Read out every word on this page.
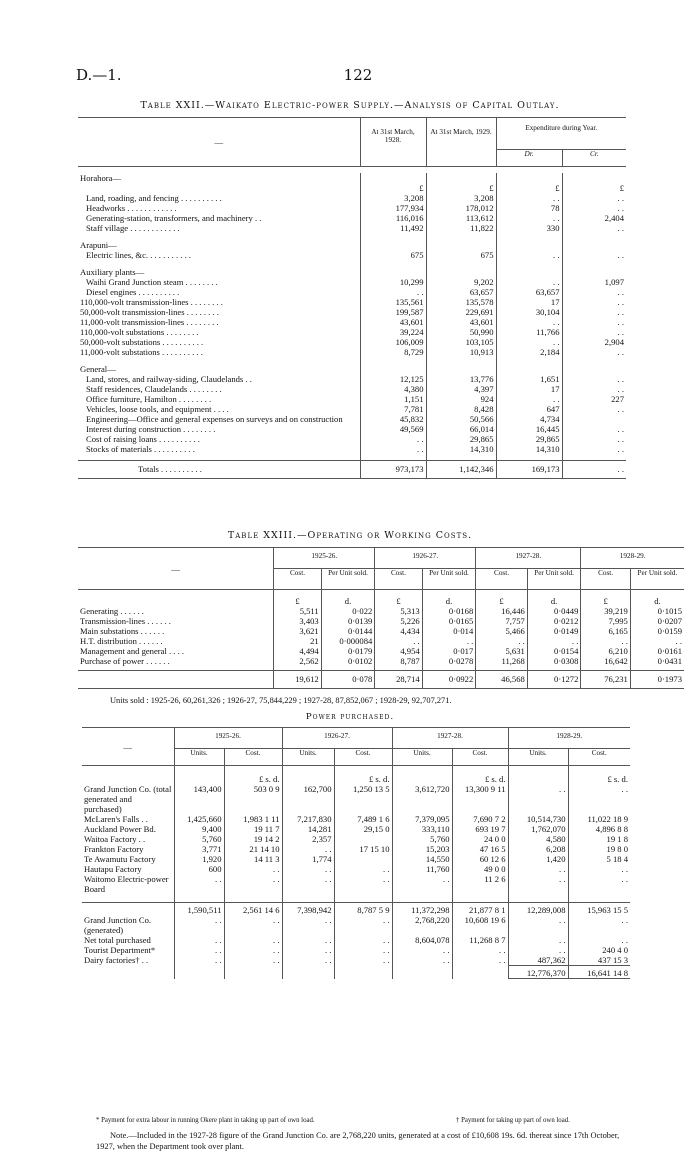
D.—1.	122
Table XXII.—Waikato Electric-power Supply.—Analysis of Capital Outlay.
—	At 31st March, 1928.	At 31st March, 1929.	Expenditure during Year.	
			Dr.	Cr.

Horahora—				
	£	£	£	£
Land, roading, and fencing . . . . . . . . . .	3,208	3,208	. .	. .
Headworks . . . . . . . . . . . .	177,934	178,012	78	. .
Generating-station, transformers, and machinery . .	116,016	113,612	. .	2,404
Staff village . . . . . . . . . . . .	11,492	11,822	330	. .

Arapuni—				
Electric lines, &c. . . . . . . . . . .	675	675	. .	. .

Auxiliary plants—				
Waihi Grand Junction steam . . . . . . . .	10,299	9,202	. .	1,097
Diesel engines . . . . . . . . . .	. .	63,657	63,657	. .
110,000-volt transmission-lines . . . . . . . .	135,561	135,578	17	. .
50,000-volt transmission-lines . . . . . . . .	199,587	229,691	30,104	. .
11,000-volt transmission-lines . . . . . . . .	43,601	43,601	. .	. .
110,000-volt substations . . . . . . . .	39,224	50,990	11,766	. .
50,000-volt substations . . . . . . . . . .	106,009	103,105	. .	2,904
11,000-volt substations . . . . . . . . . .	8,729	10,913	2,184	. .

General—				
Land, stores, and railway-siding, Claudelands . .	12,125	13,776	1,651	. .
Staff residences, Claudelands . . . . . . . .	4,380	4,397	17	. .
Office furniture, Hamilton . . . . . . . .	1,151	924	. .	227
Vehicles, loose tools, and equipment . . . .	7,781	8,428	647	. .
Engineering—Office and general expenses on surveys and on construction	45,832	50,566	4,734	
Interest during construction . . . . . . . .	49,569	66,014	16,445	. .
Cost of raising loans . . . . . . . . . .	. .	29,865	29,865	. .
Stocks of materials . . . . . . . . . .	. .	14,310	14,310	. .

Totals . . . . . . . . . .	973,173	1,142,346	169,173	. .
Table XXIII.—Operating or Working Costs.
—	1925-26.		1926-27.		1927-28.		1928-29.	
	Cost.	Per Unit sold.	Cost.	Per Unit sold.	Cost.	Per Unit sold.	Cost.	Per Unit sold.
	£	d.	£	d.	£	d.	£	d.
Generating . . . . . .	5,511	0·022	5,313	0·0168	16,446	0·0449	39,219	0·1015
Transmission-lines . . . . . .	3,403	0·0139	5,226	0·0165	7,757	0·0212	7,995	0·0207
Main substations . . . . . .	3,621	0·0144	4,434	0·014	5,466	0·0149	6,165	0·0159
H.T. distribution . . . . . .	21	0·000084	. .	. .	. .	. .	. .	. .
Management and general . . . .	4,494	0·0179	4,954	0·017	5,631	0·0154	6,210	0·0161
Purchase of power . . . . . .	2,562	0·0102	8,787	0·0278	11,268	0·0308	16,642	0·0431

	19,612	0·078	28,714	0·0922	46,568	0·1272	76,231	0·1973
Units sold : 1925-26, 60,261,326 ; 1926-27, 75,844,229 ; 1927-28, 87,852,067 ; 1928-29, 92,707,271.
Power purchased.
—	1925-26.		1926-27.		1927-28.		1928-29.	
	Units.	Cost.	Units.	Cost.	Units.	Cost.	Units.	Cost.
		£ s. d.		£ s. d.		£ s. d.		£ s. d.
Grand Junction Co. (total generated and purchased)	143,400	503 0 9	162,700	1,250 13 5	3,612,720	13,300 9 11	. .	. .
McLaren's Falls . .	1,425,660	1,983 1 11	7,217,830	7,489 1 6	7,379,095	7,690 7 2	10,514,730	11,022 18 9
Auckland Power Bd.	9,400	19 11 7	14,281	29,15 0	333,110	693 19 7	1,762,070	4,896 8 8
Waitoa Factory . .	5,760	19 14 2	2,357		5,760	24 0 0	4,580	19 1 8
Frankton Factory	3,771	21 14 10	. .	17 15 10	15,203	47 16 5	6,208	19 8 0
Te Awamutu Factory	1,920	14 11 3	1,774		14,550	60 12 6	1,420	5 18 4
Hautapu Factory	600	. .	. .	. .	11,760	49 0 0	. .	. .
Waitomo Electric-power Board	. .	. .	. .	. .	. .	11 2 6	. .	. .

	1,590,511	2,561 14 6	7,398,942	8,787 5 9	11,372,298	21,877 8 1	12,289,008	15,963 15 5
Grand Junction Co. (generated)	. .	. .	. .	. .	2,768,220	10,608 19 6	. .	. .
Net total purchased	. .	. .	. .	. .	8,604,078	11,268 8 7	. .	. .
Tourist Department*	. .	. .	. .	. .	. .	. .	. .	240 4 0
Dairy factories† . .	. .	. .	. .	. .	. .	. .	487,362	437 15 3
							12,776,370	16,641 14 8
* Payment for extra labour in running Okere plant in taking up part of own load.	† Payment for taking up part of own load.
Note.—Included in the 1927-28 figure of the Grand Junction Co. are 2,768,220 units, generated at a cost of £10,608 19s. 6d. thereat since 17th October, 1927, when the Department took over plant.
